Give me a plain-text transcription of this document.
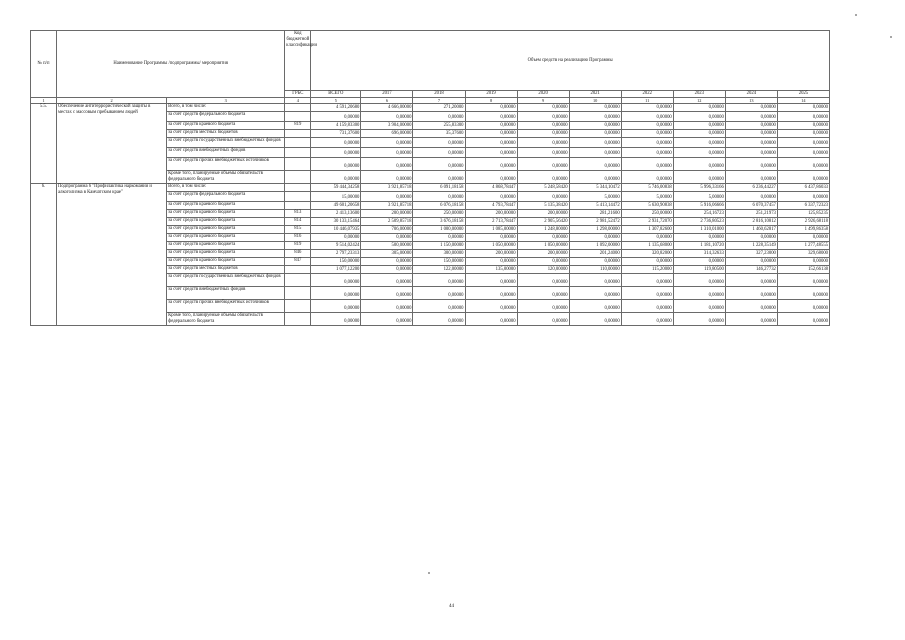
№ п/п	Наименование Программы /подпрограммы/ мероприятия		Код бюджетной классификации	Объем средств на реализацию Программы									
			ГРБС	ВСЕГО	2017	2018	2019	2020	2021	2022	2023	2024	2025
1	2	3	4	5	6	7	8	9	10	11	12	13	14
5.5.	Обеспечение антитеррористической защиты в местах с массовым пребыванием людей	Всего, в том числе:		4 591,20680	4 666,00000	271,20000	0,00000	0,00000	0,00000	0,00000	0,00000	0,00000	0,00000
		за счет средств федерального бюджета		0,00000	0,00000	0,00000	0,00000	0,00000	0,00000	0,00000	0,00000	0,00000	0,00000
		за счет средств краевого бюджета	819	4 159,83300	3 904,00000	255,83300	0,00000	0,00000	0,00000	0,00000	0,00000	0,00000	0,00000
		за счет средств местных бюджетов		731,37600	696,00000	35,37600	0,00000	0,00000	0,00000	0,00000	0,00000	0,00000	0,00000
		за счет средств государственных внебюджетных фондов		0,00000	0,00000	0,00000	0,00000	0,00000	0,00000	0,00000	0,00000	0,00000	0,00000
		за счет средств внебюджетных фондов		0,00000	0,00000	0,00000	0,00000	0,00000	0,00000	0,00000	0,00000	0,00000	0,00000
		за счет средств прочих внебюджетных источников		0,00000	0,00000	0,00000	0,00000	0,00000	0,00000	0,00000	0,00000	0,00000	0,00000
		Кроме того, планируемые объемы обязательств федерального бюджета		0,00000	0,00000	0,00000	0,00000	0,00000	0,00000	0,00000	0,00000	0,00000	0,00000
6.	Подпрограмма 6 "Профилактика наркомании и алкоголизма в Камчатском крае"	Всего, в том числе:		59 444,34258	3 921,85718	6 091,18158	4 868,78447	5 248,58420	5 344,10472	5 746,00838	5 996,33166	6 236,44227	6 437,86033
		за счет средств федерального бюджета		15,00000	0,00000	0,00000	0,00000	0,00000	5,00000	5,00000	5,00000	0,00000	0,00000
		за счет средств краевого бюджета		49 601,20658	3 921,85718	6 076,18158	4 793,78447	5 135,38420	5 413,14472	5 630,90838	5 916,06666	6 070,37457	6 337,72323
		за счет средств краевого бюджета	813	2 413,13600	200,00000	250,00000	200,00000	200,00000	281,21600	250,00000	254,16723	251,21973	125,85235
		за счет средств краевого бюджета	814	30 133,15464	2 509,85718	3 676,18158	2 713,78447	2 905,56420	2 981,52472	2 931,72070	2 736,80523	2 816,10812	2 926,68118
		за счет средств краевого бюджета	815	10 446,07935	706,00000	1 000,00000	1 085,00000	1 248,80000	1 298,00000	1 307,82600	1 310,01000	1 460,62817	1 499,86358
		за счет средств краевого бюджета	816	0,00000	0,00000	0,00000	0,00000	0,00000	0,00000	0,00000	0,00000	0,00000	0,00000
		за счет средств краевого бюджета	819	9 514,02424	500,00000	1 150,00000	1 050,00000	1 050,00000	1 092,00000	1 135,68000	1 181,10720	1 228,35149	1 277,48555
		за счет средств краевого бюджета	846	2 797,23313	305,00000	300,00000	200,00000	200,00000	201,24000	320,82000	314,32633	327,23000	329,68000
		за счет средств краевого бюджета	847	150,00000	0,00000	150,00000	0,00000	0,00000	0,00000	0,00000	0,00000	0,00000	0,00000
		за счет средств местных бюджетов		1 077,12200	0,00000	122,00000	135,00000	120,00000	110,00000	115,20000	119,80500	146,27732	152,66138
		за счет средств государственных внебюджетных фондов		0,00000	0,00000	0,00000	0,00000	0,00000	0,00000	0,00000	0,00000	0,00000	0,00000
		за счет средств внебюджетных фондов		0,00000	0,00000	0,00000	0,00000	0,00000	0,00000	0,00000	0,00000	0,00000	0,00000
		за счет средств прочих внебюджетных источников		0,00000	0,00000	0,00000	0,00000	0,00000	0,00000	0,00000	0,00000	0,00000	0,00000
		Кроме того, планируемые объемы обязательств федерального бюджета		0,00000	0,00000	0,00000	0,00000	0,00000	0,00000	0,00000	0,00000	0,00000	0,00000
44
